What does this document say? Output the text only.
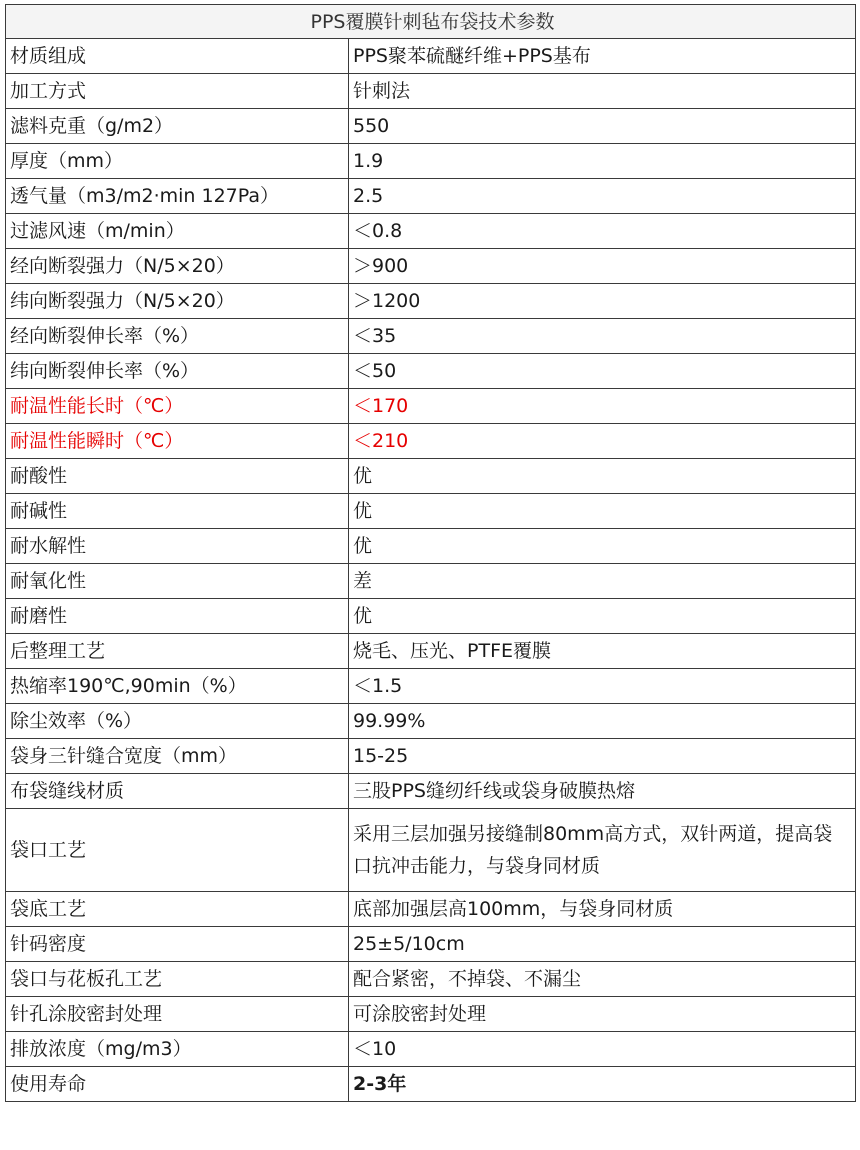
PPS覆膜针刺毡布袋技术参数	
材质组成	PPS聚苯硫醚纤维+PPS基布
加工方式	针刺法
滤料克重（g/m2）	550
厚度（mm）	1.9
透气量（m3/m2·min 127Pa）	2.5
过滤风速（m/min）	＜0.8
经向断裂强力（N/5×20）	＞900
纬向断裂强力（N/5×20）	＞1200
经向断裂伸长率（%）	＜35
纬向断裂伸长率（%）	＜50
耐温性能长时（℃）	＜170
耐温性能瞬时（℃）	＜210
耐酸性	优
耐碱性	优
耐水解性	优
耐氧化性	差
耐磨性	优
后整理工艺	烧毛、压光、PTFE覆膜
热缩率190℃,90min（%）	＜1.5
除尘效率（%）	99.99%
袋身三针缝合宽度（mm）	15-25
布袋缝线材质	三股PPS缝纫纤线或袋身破膜热熔
袋口工艺	采用三层加强另接缝制80mm高方式，双针两道，提高袋口抗冲击能力，与袋身同材质
袋底工艺	底部加强层高100mm，与袋身同材质
针码密度	25±5/10cm
袋口与花板孔工艺	配合紧密，不掉袋、不漏尘
针孔涂胶密封处理	可涂胶密封处理
排放浓度（mg/m3）	＜10
使用寿命	2-3年
